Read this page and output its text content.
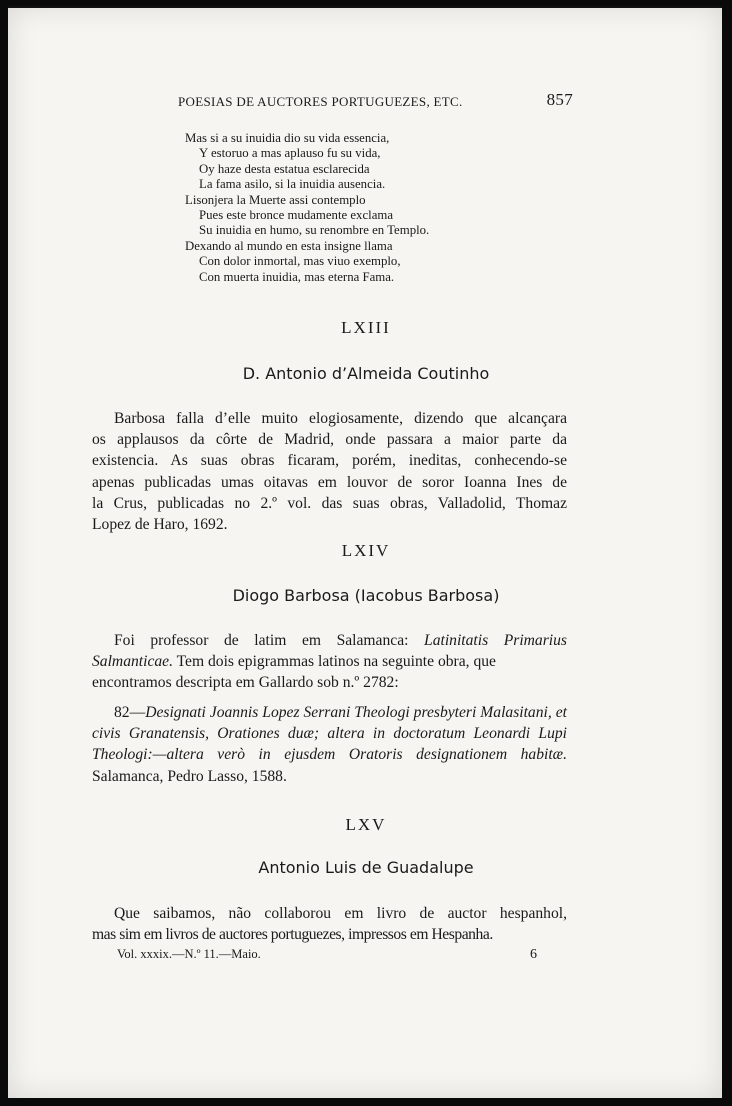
POESIAS DE AUCTORES PORTUGUEZES, ETC.	857
Mas si a su inuidia dio su vida essencia,
Y estoruo a mas aplauso fu su vida,
Oy haze desta estatua esclarecida
La fama asilo, si la inuidia ausencia.
Lisonjera la Muerte assi contemplo
Pues este bronce mudamente exclama
Su inuidia en humo, su renombre en Templo.
Dexando al mundo en esta insigne llama
Con dolor inmortal, mas viuo exemplo,
Con muerta inuidia, mas eterna Fama.
LXIII
D. Antonio d’Almeida Coutinho
Barbosa falla d’elle muito elogiosamente, dizendo que alcançara
os applausos da côrte de Madrid, onde passara a maior parte da
existencia. As suas obras ficaram, porém, ineditas, conhecendo-se
apenas publicadas umas oitavas em louvor de soror Ioanna Ines de
la Crus, publicadas no 2.º vol. das suas obras, Valladolid, Thomaz
Lopez de Haro, 1692.
LXIV
Diogo Barbosa (Iacobus Barbosa)
Foi professor de latim em Salamanca: Latinitatis Primarius Salmanticae. Tem dois epigrammas latinos na seguinte obra, que
encontramos descripta em Gallardo sob n.º 2782:
82—Designati Joannis Lopez Serrani Theologi presbyteri Malasitani, et civis Granatensis, Orationes duæ; altera in doctoratum Leonardi Lupi Theologi:—altera verò in ejusdem Oratoris designationem habitæ. Salamanca, Pedro Lasso, 1588.
LXV
Antonio Luis de Guadalupe
Que saibamos, não collaborou em livro de auctor hespanhol,
mas sim em livros de auctores portuguezes, impressos em Hespanha.
Vol. xxxix.—N.º 11.—Maio.	6
